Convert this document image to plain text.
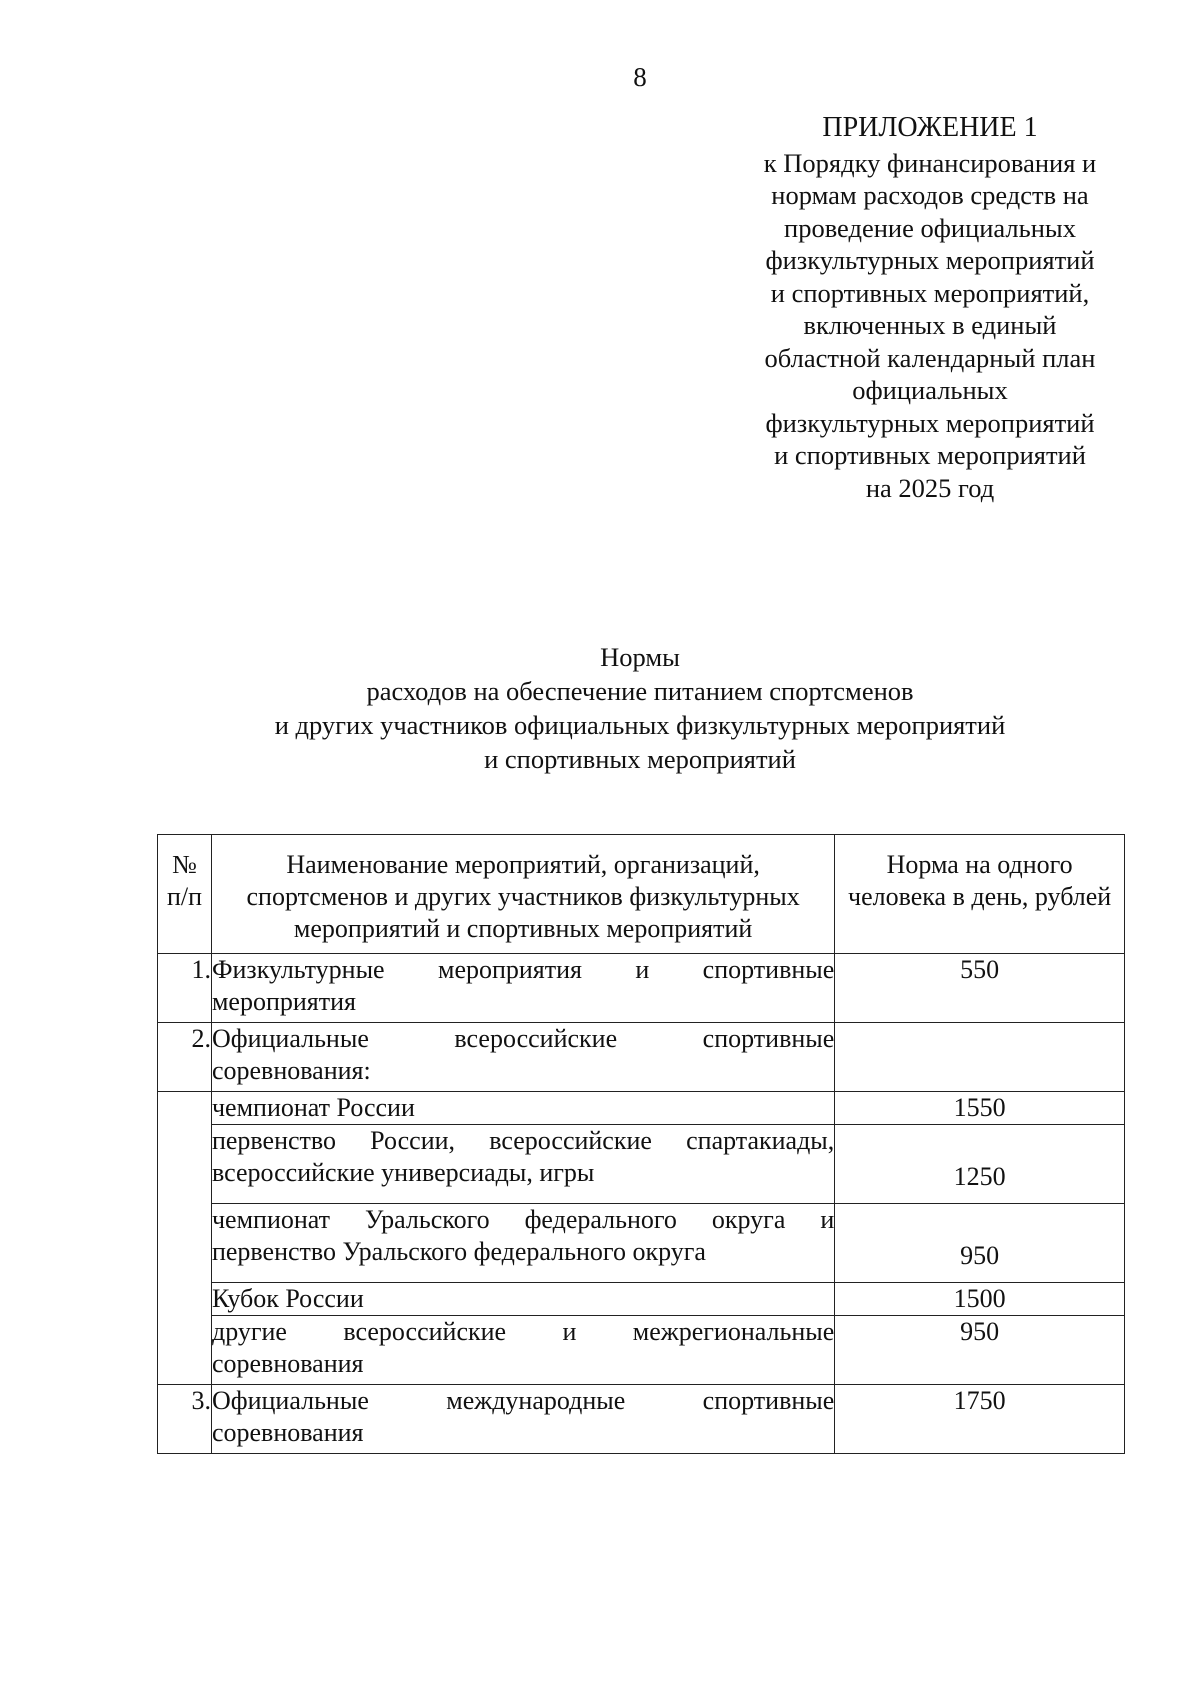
8
ПРИЛОЖЕНИЕ 1
к Порядку финансирования и
нормам расходов средств на
проведение официальных
физкультурных мероприятий
и спортивных мероприятий,
включенных в единый
областной календарный план
официальных
физкультурных мероприятий
и спортивных мероприятий
на 2025 год
Нормы
расходов на обеспечение питанием спортсменов
и других участников официальных физкультурных мероприятий
и спортивных мероприятий
№ п/п	Наименование мероприятий, организаций, спортсменов и других участников физкультурных мероприятий и спортивных мероприятий	Норма на одного человека в день, рублей
1.	Физкультурные мероприятия и спортивные мероприятия	550
2.	Официальные всероссийские спортивные соревнования:	
	чемпионат России	1550
	первенство России, всероссийские спартакиады, всероссийские универсиады, игры	1250
	чемпионат Уральского федерального округа и первенство Уральского федерального округа	950
	Кубок России	1500
	другие всероссийские и межрегиональные соревнования	950
3.	Официальные международные спортивные соревнования	1750
